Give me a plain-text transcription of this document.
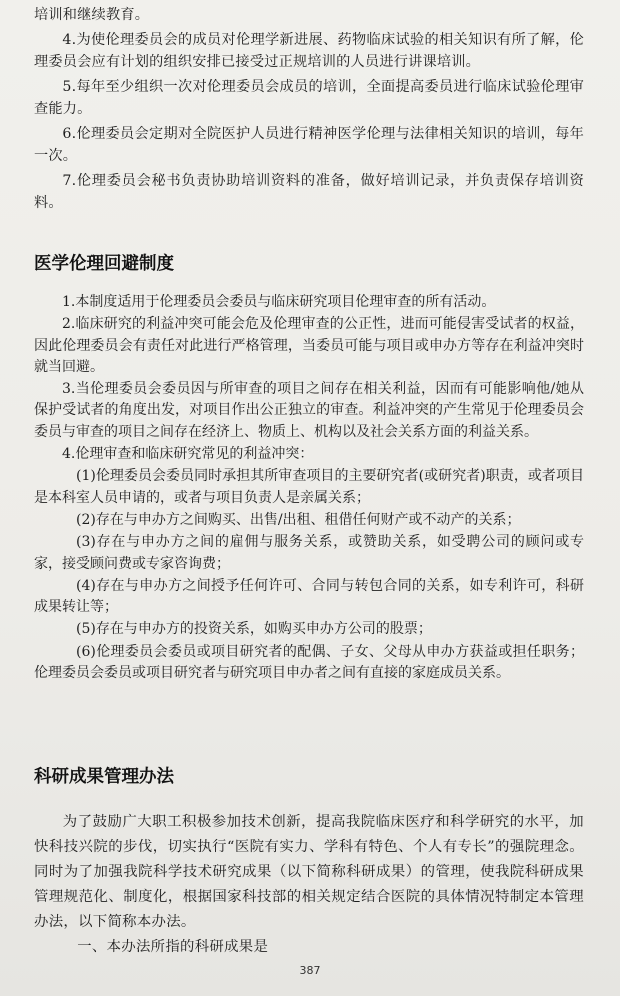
培训和继续教育。

4.为使伦理委员会的成员对伦理学新进展、药物临床试验的相关知识有所了解，伦理委员会应有计划的组织安排已接受过正规培训的人员进行讲课培训。

5.每年至少组织一次对伦理委员会成员的培训，全面提高委员进行临床试验伦理审查能力。

6.伦理委员会定期对全院医护人员进行精神医学伦理与法律相关知识的培训，每年一次。

7.伦理委员会秘书负责协助培训资料的准备，做好培训记录，并负责保存培训资料。

医学伦理回避制度

1.本制度适用于伦理委员会委员与临床研究项目伦理审查的所有活动。

2.临床研究的利益冲突可能会危及伦理审查的公正性，进而可能侵害受试者的权益，因此伦理委员会有责任对此进行严格管理，当委员可能与项目或申办方等存在利益冲突时就当回避。

3.当伦理委员会委员因与所审查的项目之间存在相关利益，因而有可能影响他/她从保护受试者的角度出发，对项目作出公正独立的审查。利益冲突的产生常见于伦理委员会委员与审查的项目之间存在经济上、物质上、机构以及社会关系方面的利益关系。

4.伦理审查和临床研究常见的利益冲突：

(1)伦理委员会委员同时承担其所审查项目的主要研究者(或研究者)职责，或者项目是本科室人员申请的，或者与项目负责人是亲属关系；

(2)存在与申办方之间购买、出售/出租、租借任何财产或不动产的关系；

(3)存在与申办方之间的雇佣与服务关系，或赞助关系，如受聘公司的顾问或专家，接受顾问费或专家咨询费；

(4)存在与申办方之间授予任何许可、合同与转包合同的关系，如专利许可，科研成果转让等；

(5)存在与申办方的投资关系，如购买申办方公司的股票；

(6)伦理委员会委员或项目研究者的配偶、子女、父母从申办方获益或担任职务；伦理委员会委员或项目研究者与研究项目申办者之间有直接的家庭成员关系。

科研成果管理办法

为了鼓励广大职工积极参加技术创新，提高我院临床医疗和科学研究的水平，加快科技兴院的步伐，切实执行“医院有实力、学科有特色、个人有专长”的强院理念。同时为了加强我院科学技术研究成果（以下简称科研成果）的管理，使我院科研成果管理规范化、制度化，根据国家科技部的相关规定结合医院的具体情况特制定本管理办法，以下简称本办法。

一、本办法所指的科研成果是

387
